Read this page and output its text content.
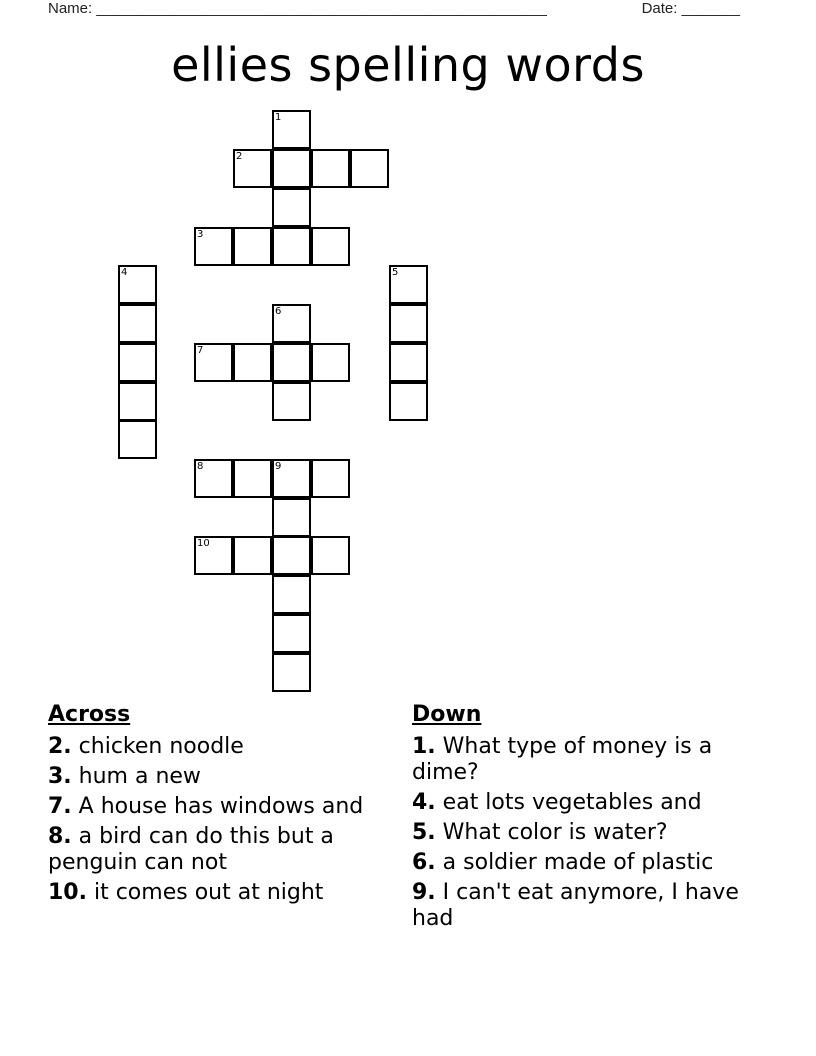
Name: ______________________________________________________	Date: _______
ellies spelling words
1
2
3
4	5
6
7
8	9
10
Across
2. chicken noodle
3. hum a new
7. A house has windows and
8. a bird can do this but a penguin can not
10. it comes out at night
Down
1. What type of money is a dime?
4. eat lots vegetables and
5. What color is water?
6. a soldier made of plastic
9. I can't eat anymore, I have had
